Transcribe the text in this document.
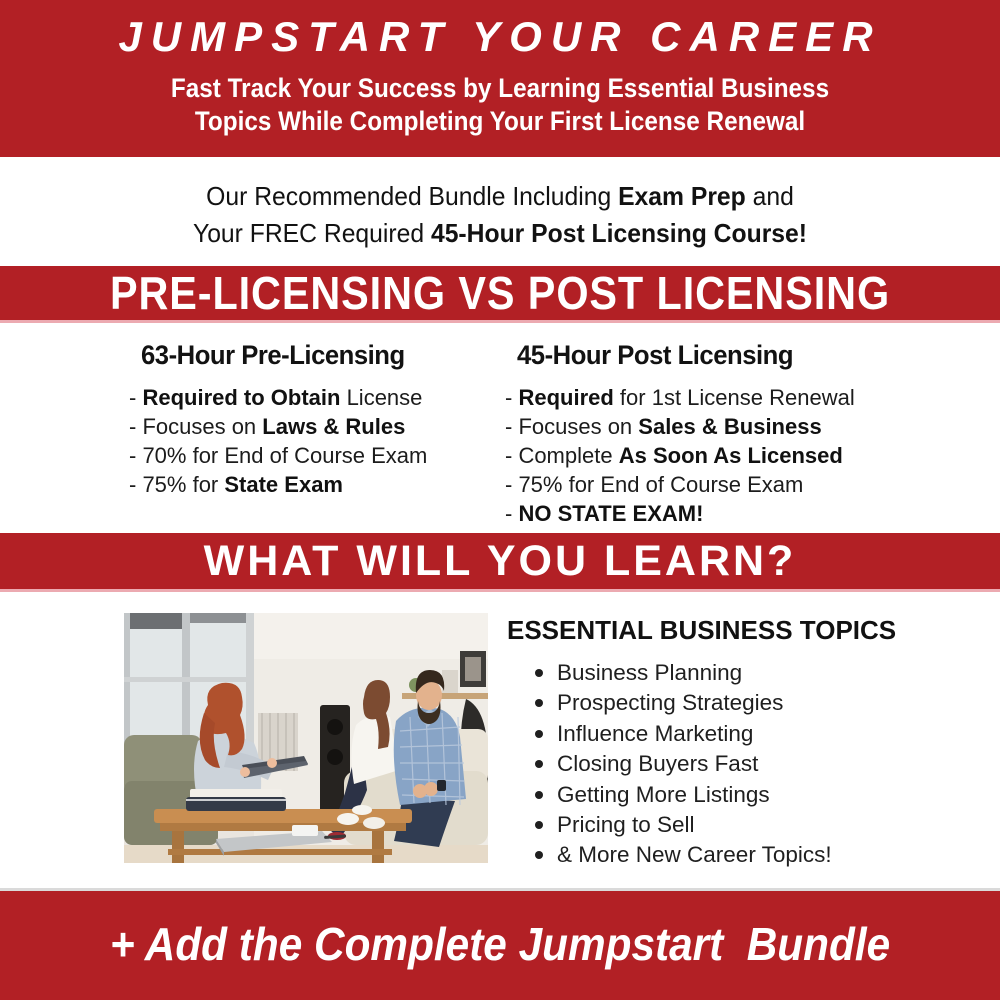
JUMPSTART YOUR CAREER
Fast Track Your Success by Learning Essential Business
Topics While Completing Your First License Renewal
Our Recommended Bundle Including Exam Prep and
Your FREC Required 45-Hour Post Licensing Course!
PRE-LICENSING VS POST LICENSING
63-Hour Pre-Licensing
- Required to Obtain License
- Focuses on Laws & Rules
- 70% for End of Course Exam
- 75% for State Exam
45-Hour Post Licensing
- Required for 1st License Renewal
- Focuses on Sales & Business
- Complete As Soon As Licensed
- 75% for End of Course Exam
- NO STATE EXAM!
WHAT WILL YOU LEARN?
ESSENTIAL BUSINESS TOPICS
Business Planning
Prospecting Strategies
Influence Marketing
Closing Buyers Fast
Getting More Listings
Pricing to Sell
& More New Career Topics!
+ Add the Complete Jumpstart  Bundle
